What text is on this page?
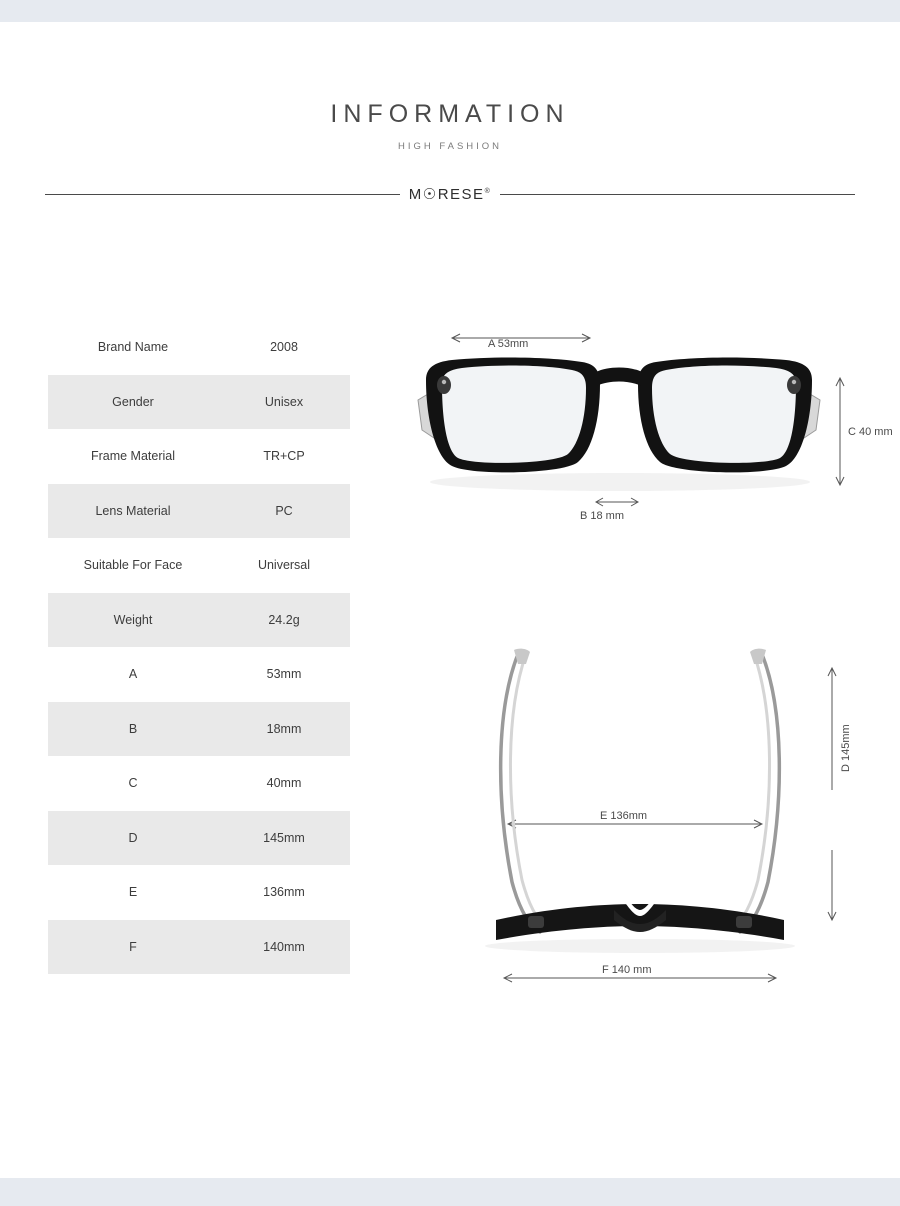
INFORMATION
HIGH FASHION
M☉RESE®
Brand Name	2008
Gender	Unisex
Frame Material	TR+CP
Lens Material	PC
Suitable For Face	Universal
Weight	24.2g
A	53mm
B	18mm
C	40mm
D	145mm
E	136mm
F	140mm
A 53mm
B 18 mm
C 40 mm
D 145mm
E 136mm
F 140 mm
